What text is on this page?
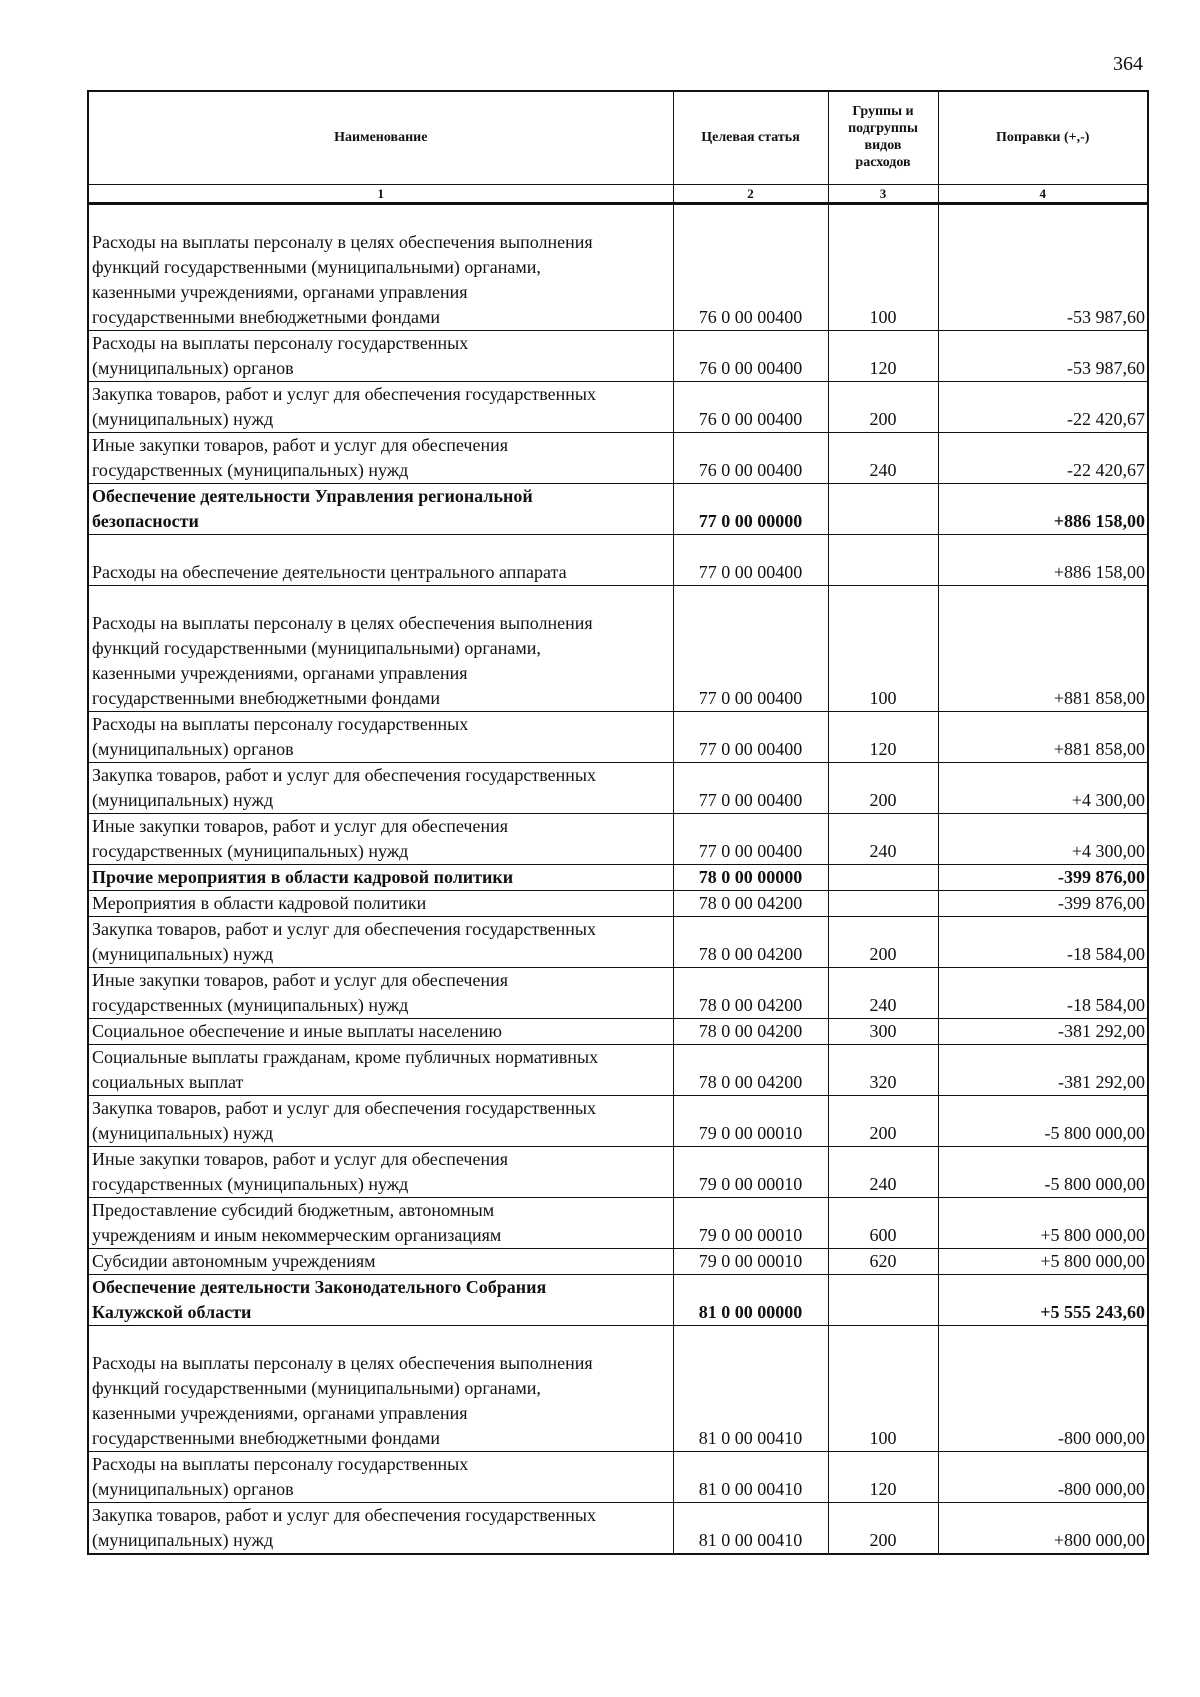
364
Наименование	Целевая статья	Группы и
подгруппы
видов
расходов	Поправки (+,-)
1	2	3	4

Расходы на выплаты персоналу в целях обеспечения выполнения
функций государственными (муниципальными) органами,
казенными учреждениями, органами управления
государственными внебюджетными фондами	76 0 00 00400	100	-53 987,60

Расходы на выплаты персоналу государственных
(муниципальных) органов	76 0 00 00400	120	-53 987,60

Закупка товаров, работ и услуг для обеспечения государственных
(муниципальных) нужд	76 0 00 00400	200	-22 420,67

Иные закупки товаров, работ и услуг для обеспечения
государственных (муниципальных) нужд	76 0 00 00400	240	-22 420,67

Обеспечение деятельности Управления региональной
безопасности	77 0 00 00000		+886 158,00

Расходы на обеспечение деятельности центрального аппарата	77 0 00 00400		+886 158,00

Расходы на выплаты персоналу в целях обеспечения выполнения
функций государственными (муниципальными) органами,
казенными учреждениями, органами управления
государственными внебюджетными фондами	77 0 00 00400	100	+881 858,00

Расходы на выплаты персоналу государственных
(муниципальных) органов	77 0 00 00400	120	+881 858,00

Закупка товаров, работ и услуг для обеспечения государственных
(муниципальных) нужд	77 0 00 00400	200	+4 300,00

Иные закупки товаров, работ и услуг для обеспечения
государственных (муниципальных) нужд	77 0 00 00400	240	+4 300,00

Прочие мероприятия в области кадровой политики	78 0 00 00000		-399 876,00

Мероприятия в области кадровой политики	78 0 00 04200		-399 876,00

Закупка товаров, работ и услуг для обеспечения государственных
(муниципальных) нужд	78 0 00 04200	200	-18 584,00

Иные закупки товаров, работ и услуг для обеспечения
государственных (муниципальных) нужд	78 0 00 04200	240	-18 584,00

Социальное обеспечение и иные выплаты населению	78 0 00 04200	300	-381 292,00

Социальные выплаты гражданам, кроме публичных нормативных
социальных выплат	78 0 00 04200	320	-381 292,00

Закупка товаров, работ и услуг для обеспечения государственных
(муниципальных) нужд	79 0 00 00010	200	-5 800 000,00

Иные закупки товаров, работ и услуг для обеспечения
государственных (муниципальных) нужд	79 0 00 00010	240	-5 800 000,00

Предоставление субсидий бюджетным, автономным
учреждениям и иным некоммерческим организациям	79 0 00 00010	600	+5 800 000,00

Субсидии автономным учреждениям	79 0 00 00010	620	+5 800 000,00

Обеспечение деятельности Законодательного Собрания
Калужской области	81 0 00 00000		+5 555 243,60

Расходы на выплаты персоналу в целях обеспечения выполнения
функций государственными (муниципальными) органами,
казенными учреждениями, органами управления
государственными внебюджетными фондами	81 0 00 00410	100	-800 000,00

Расходы на выплаты персоналу государственных
(муниципальных) органов	81 0 00 00410	120	-800 000,00

Закупка товаров, работ и услуг для обеспечения государственных
(муниципальных) нужд	81 0 00 00410	200	+800 000,00
